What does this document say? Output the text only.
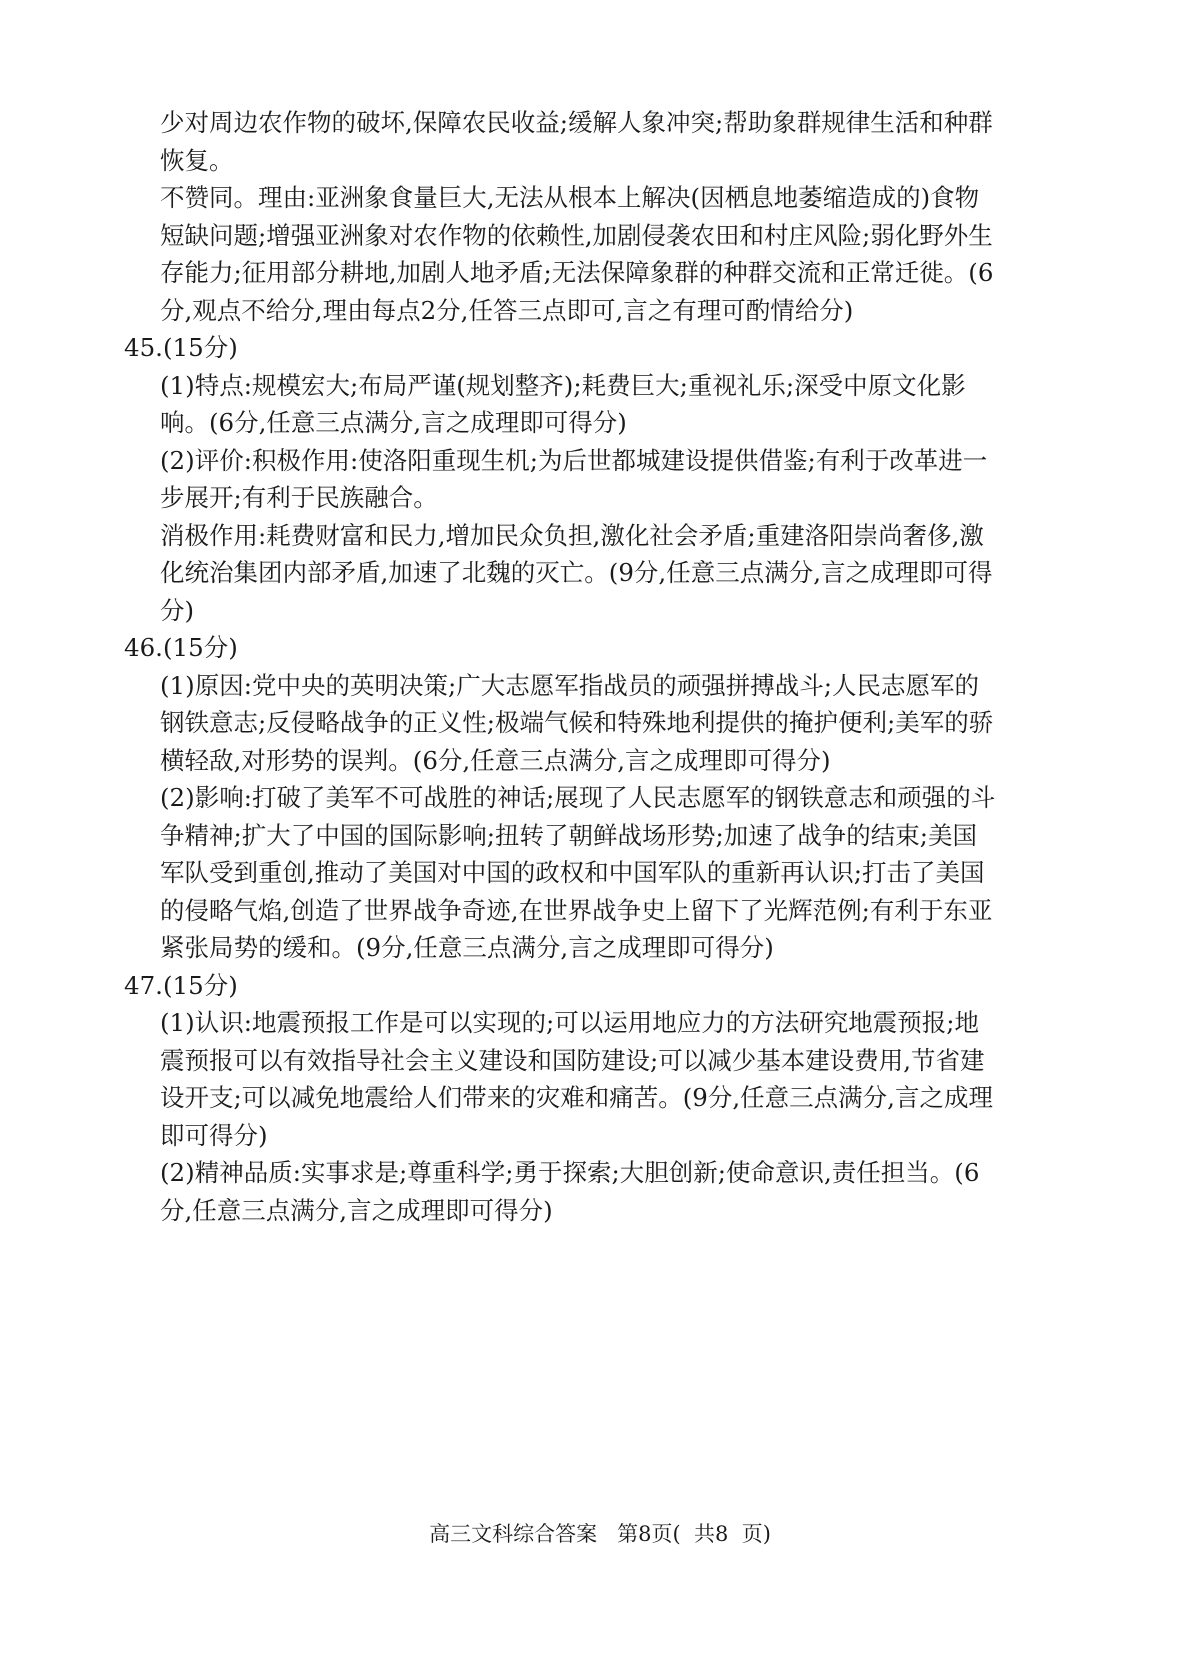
少对周边农作物的破坏,保障农民收益;缓解人象冲突;帮助象群规律生活和种群
恢复。
不赞同。理由:亚洲象食量巨大,无法从根本上解决(因栖息地萎缩造成的)食物
短缺问题;增强亚洲象对农作物的依赖性,加剧侵袭农田和村庄风险;弱化野外生
存能力;征用部分耕地,加剧人地矛盾;无法保障象群的种群交流和正常迁徙。(6
分,观点不给分,理由每点2分,任答三点即可,言之有理可酌情给分)
45.(15分)
(1)特点:规模宏大;布局严谨(规划整齐);耗费巨大;重视礼乐;深受中原文化影
响。(6分,任意三点满分,言之成理即可得分)
(2)评价:积极作用:使洛阳重现生机;为后世都城建设提供借鉴;有利于改革进一
步展开;有利于民族融合。
消极作用:耗费财富和民力,增加民众负担,激化社会矛盾;重建洛阳崇尚奢侈,激
化统治集团内部矛盾,加速了北魏的灭亡。(9分,任意三点满分,言之成理即可得
分)
46.(15分)
(1)原因:党中央的英明决策;广大志愿军指战员的顽强拼搏战斗;人民志愿军的
钢铁意志;反侵略战争的正义性;极端气候和特殊地利提供的掩护便利;美军的骄
横轻敌,对形势的误判。(6分,任意三点满分,言之成理即可得分)
(2)影响:打破了美军不可战胜的神话;展现了人民志愿军的钢铁意志和顽强的斗
争精神;扩大了中国的国际影响;扭转了朝鲜战场形势;加速了战争的结束;美国
军队受到重创,推动了美国对中国的政权和中国军队的重新再认识;打击了美国
的侵略气焰,创造了世界战争奇迹,在世界战争史上留下了光辉范例;有利于东亚
紧张局势的缓和。(9分,任意三点满分,言之成理即可得分)
47.(15分)
(1)认识:地震预报工作是可以实现的;可以运用地应力的方法研究地震预报;地
震预报可以有效指导社会主义建设和国防建设;可以减少基本建设费用,节省建
设开支;可以减免地震给人们带来的灾难和痛苦。(9分,任意三点满分,言之成理
即可得分)
(2)精神品质:实事求是;尊重科学;勇于探索;大胆创新;使命意识,责任担当。(6
分,任意三点满分,言之成理即可得分)
高三文科综合答案   第8页(  共8  页)
